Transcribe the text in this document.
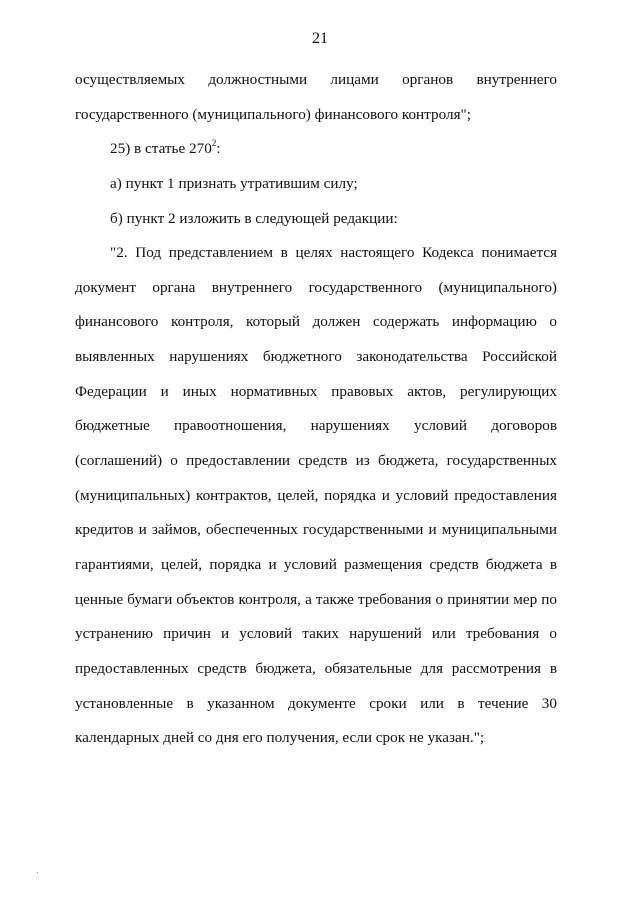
21
осуществляемых должностными лицами органов внутреннего
государственного (муниципального) финансового контроля";
25) в статье $270^2$:
а) пункт 1 признать утратившим силу;
б) пункт 2 изложить в следующей редакции:
"2. Под представлением в целях настоящего Кодекса понимается
документ органа внутреннего государственного (муниципального)
финансового контроля, который должен содержать информацию о
выявленных нарушениях бюджетного законодательства Российской
Федерации и иных нормативных правовых актов, регулирующих
бюджетные правоотношения, нарушениях условий договоров
(соглашений) о предоставлении средств из бюджета, государственных
(муниципальных) контрактов, целей, порядка и условий предоставления
кредитов и займов, обеспеченных государственными и муниципальными
гарантиями, целей, порядка и условий размещения средств бюджета в
ценные бумаги объектов контроля, а также требования о принятии мер по
устранению причин и условий таких нарушений или требования о
предоставленных средств бюджета, обязательные для рассмотрения в
установленные в указанном документе сроки или в течение 30
календарных дней со дня его получения, если срок не указан.";
